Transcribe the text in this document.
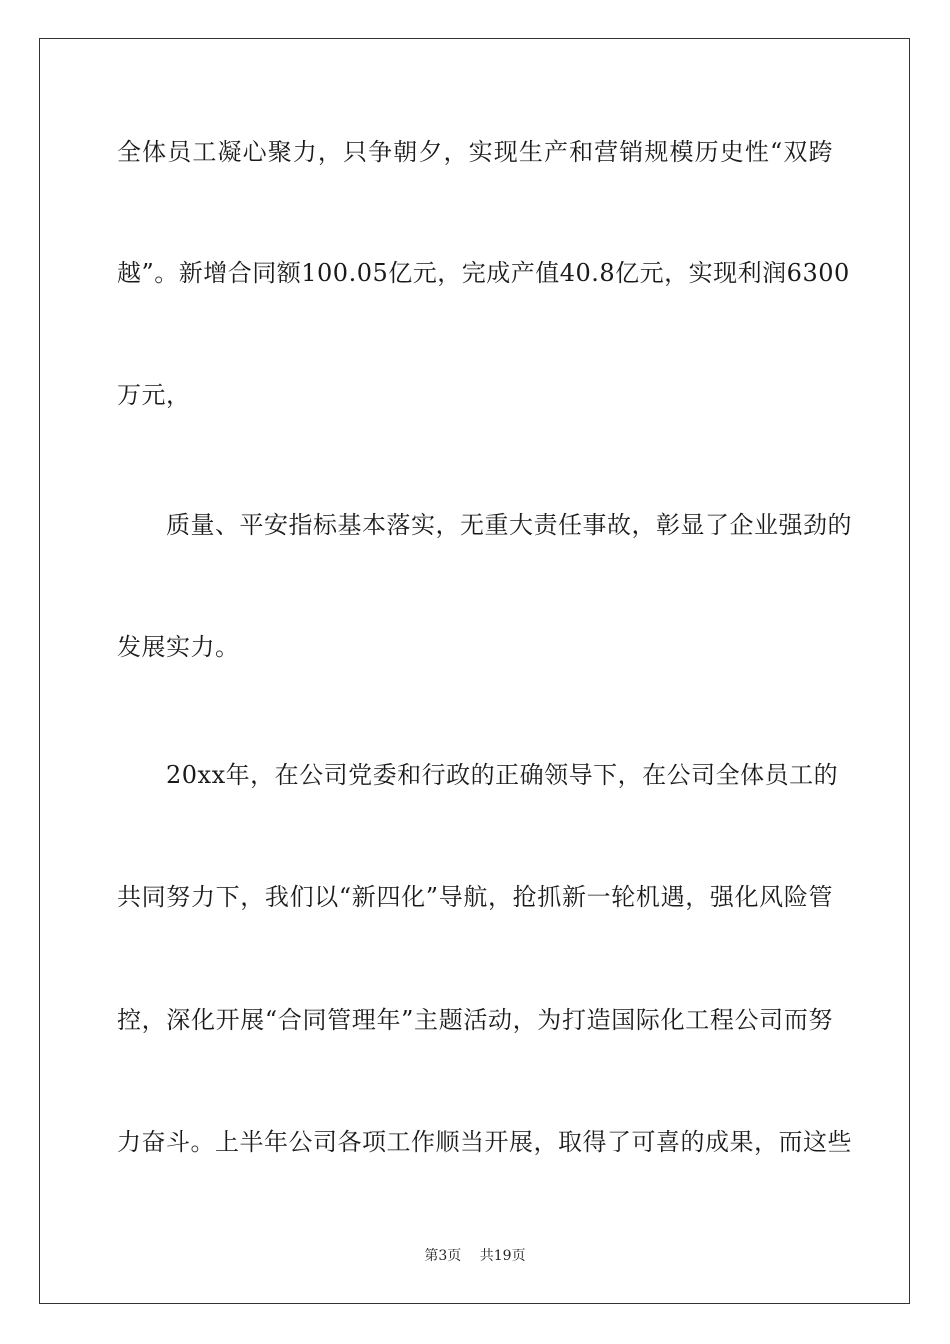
全体员工凝心聚力，只争朝夕，实现生产和营销规模历史性“双跨
越”。新增合同额100.05亿元，完成产值40.8亿元，实现利润6300
万元，
　　质量、平安指标基本落实，无重大责任事故，彰显了企业强劲的
发展实力。
　　20xx年，在公司党委和行政的正确领导下，在公司全体员工的
共同努力下，我们以“新四化”导航，抢抓新一轮机遇，强化风险管
控，深化开展“合同管理年”主题活动，为打造国际化工程公司而努
力奋斗。上半年公司各项工作顺当开展，取得了可喜的成果，而这些
第3页　 共19页
